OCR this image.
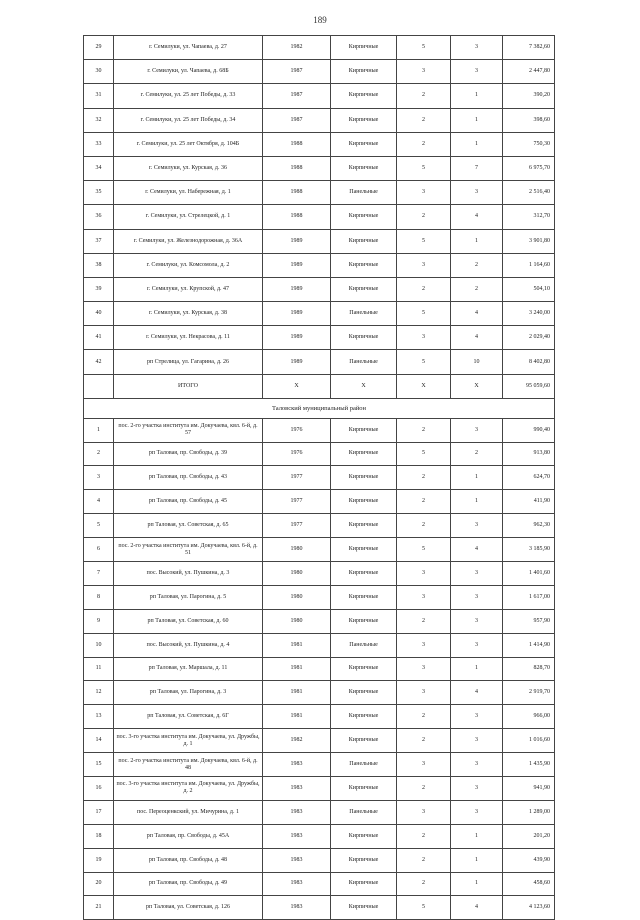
189
29	г. Семилуки, ул. Чапаева, д. 27	1982	Кирпичные	5	3	7 382,60
30	г. Семилуки, ул. Чапаева, д. 68Б	1987	Кирпичные	3	3	2 447,80
31	г. Семилуки, ул. 25 лет Победы, д. 33	1987	Кирпичные	2	1	390,20
32	г. Семилуки, ул. 25 лет Победы, д. 34	1987	Кирпичные	2	1	398,60
33	г. Семилуки, ул. 25 лет Октября, д. 104Б	1988	Кирпичные	2	1	750,30
34	г. Семилуки, ул. Курская, д. 36	1988	Кирпичные	5	7	6 975,70
35	г. Семилуки, ул. Набережная, д. 1	1988	Панельные	3	3	2 516,40
36	г. Семилуки, ул. Стрелецкой, д. 1	1988	Кирпичные	2	4	312,70
37	г. Семилуки, ул. Железнодорожная, д. 36А	1989	Кирпичные	5	1	3 901,80
38	г. Семилуки, ул. Комсомола, д. 2	1989	Кирпичные	3	2	1 164,60
39	г. Семилуки, ул. Крупской, д. 47	1989	Кирпичные	2	2	504,10
40	г. Семилуки, ул. Курская, д. 38	1989	Панельные	5	4	3 240,00
41	г. Семилуки, ул. Некрасова, д. 11	1989	Кирпичные	3	4	2 029,40
42	рп Стрелица, ул. Гагарина, д. 26	1989	Панельные	5	10	8 402,80
	ИТОГО	X	X	X	X	95 059,60
Таловский муниципальный район						
1	пос. 2-го участка института им. Докучаева, квл. 6-й, д. 57	1976	Кирпичные	2	3	990,40
2	рп Таловая, пр. Свободы, д. 39	1976	Кирпичные	5	2	913,80
3	рп Таловая, пр. Свободы, д. 43	1977	Кирпичные	2	1	624,70
4	рп Таловая, пр. Свободы, д. 45	1977	Кирпичные	2	1	411,90
5	рп Таловая, ул. Советская, д. 65	1977	Кирпичные	2	3	962,30
6	пос. 2-го участка института им. Докучаева, квл. 6-й, д. 51	1980	Кирпичные	5	4	3 185,90
7	пос. Высокий, ул. Пушкина, д. 3	1980	Кирпичные	3	3	1 401,60
8	рп Таловая, ул. Парогина, д. 5	1980	Кирпичные	3	3	1 617,00
9	рп Таловая, ул. Советская, д. 60	1980	Кирпичные	2	3	957,90
10	пос. Высокий, ул. Пушкина, д. 4	1981	Панельные	3	3	1 414,90
11	рп Таловая, ул. Маршала, д. 11	1981	Кирпичные	3	1	828,70
12	рп Таловая, ул. Парогина, д. 3	1981	Кирпичные	3	4	2 919,70
13	рп Таловая, ул. Советская, д. 6Г	1981	Кирпичные	2	3	966,00
14	пос. 3-го участка института им. Докучаева, ул. Дружбы, д. 1	1982	Кирпичные	2	3	1 016,60
15	пос. 2-го участка института им. Докучаева, квл. 6-й, д. 48	1983	Панельные	3	3	1 435,90
16	пос. 3-го участка института им. Докучаева, ул. Дружбы, д. 2	1983	Кирпичные	2	3	941,90
17	пос. Переоценкский, ул. Мичурина, д. 1	1983	Панельные	3	3	1 289,00
18	рп Таловая, пр. Свободы, д. 45А	1983	Кирпичные	2	1	201,20
19	рп Таловая, пр. Свободы, д. 48	1983	Кирпичные	2	1	439,90
20	рп Таловая, пр. Свободы, д. 49	1983	Кирпичные	2	1	458,60
21	рп Таловая, ул. Советская, д. 126	1983	Кирпичные	5	4	4 123,60
